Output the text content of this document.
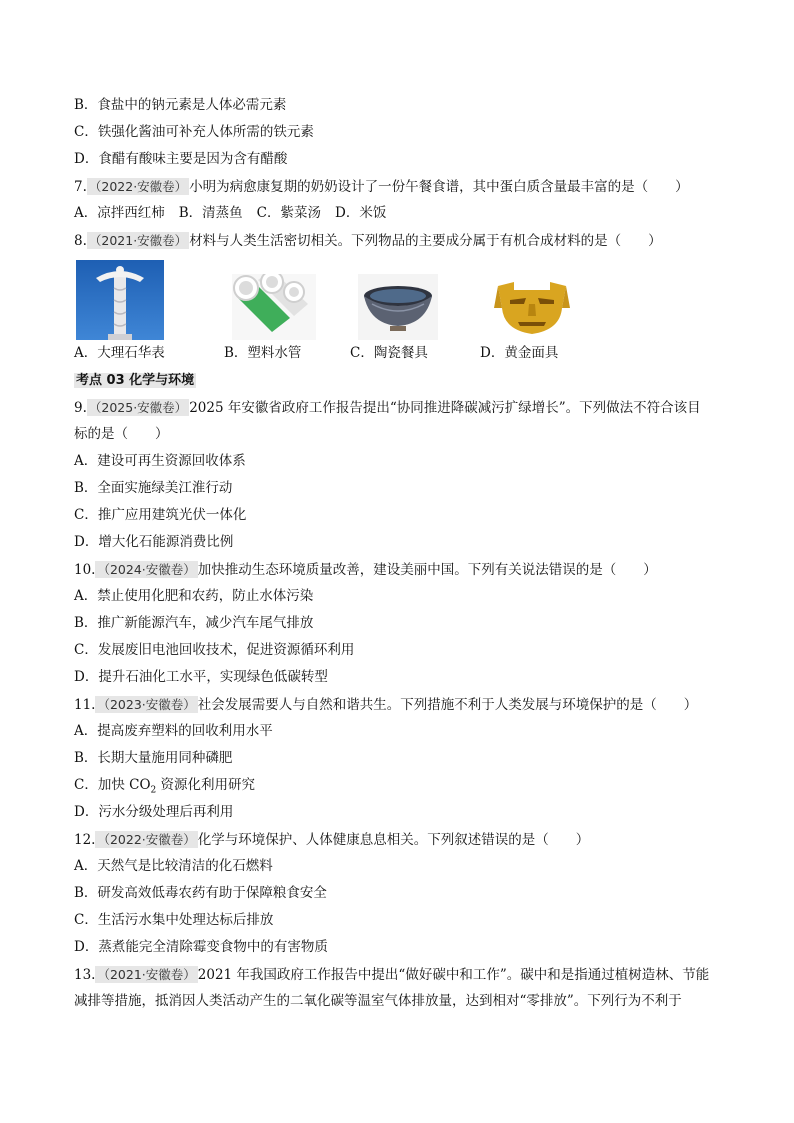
B．食盐中的钠元素是人体必需元素
C．铁强化酱油可补充人体所需的铁元素
D．食醋有酸味主要是因为含有醋酸
7. （2022·安徽卷） 小明为病愈康复期的奶奶设计了一份午餐食谱，其中蛋白质含量最丰富的是（　　）
A．凉拌西红柿 B．清蒸鱼 C．紫菜汤 D．米饭
8. （2021·安徽卷） 材料与人类生活密切相关。下列物品的主要成分属于有机合成材料的是（　　）
A．大理石华表	B．塑料水管	C．陶瓷餐具	D．黄金面具
考点 03 化学与环境
9. （2025·安徽卷） 2025 年安徽省政府工作报告提出“协同推进降碳减污扩绿增长”。下列做法不符合该目
标的是（　　）
A．建设可再生资源回收体系
B．全面实施绿美江淮行动
C．推广应用建筑光伏一体化
D．增大化石能源消费比例
10. （2024·安徽卷） 加快推动生态环境质量改善，建设美丽中国。下列有关说法错误的是（　　）
A．禁止使用化肥和农药，防止水体污染
B．推广新能源汽车，减少汽车尾气排放
C．发展废旧电池回收技术，促进资源循环利用
D．提升石油化工水平，实现绿色低碳转型
11. （2023·安徽卷） 社会发展需要人与自然和谐共生。下列措施不利于人类发展与环境保护的是（　　）
A．提高废弃塑料的回收利用水平
B．长期大量施用同种磷肥
C．加快 $CO_2$ 资源化利用研究
D．污水分级处理后再利用
12. （2022·安徽卷） 化学与环境保护、人体健康息息相关。下列叙述错误的是（　　）
A．天然气是比较清洁的化石燃料
B．研发高效低毒农药有助于保障粮食安全
C．生活污水集中处理达标后排放
D．蒸煮能完全清除霉变食物中的有害物质
13. （2021·安徽卷） 2021 年我国政府工作报告中提出“做好碳中和工作”。碳中和是指通过植树造林、节能
减排等措施，抵消因人类活动产生的二氧化碳等温室气体排放量，达到相对“零排放”。下列行为不利于
